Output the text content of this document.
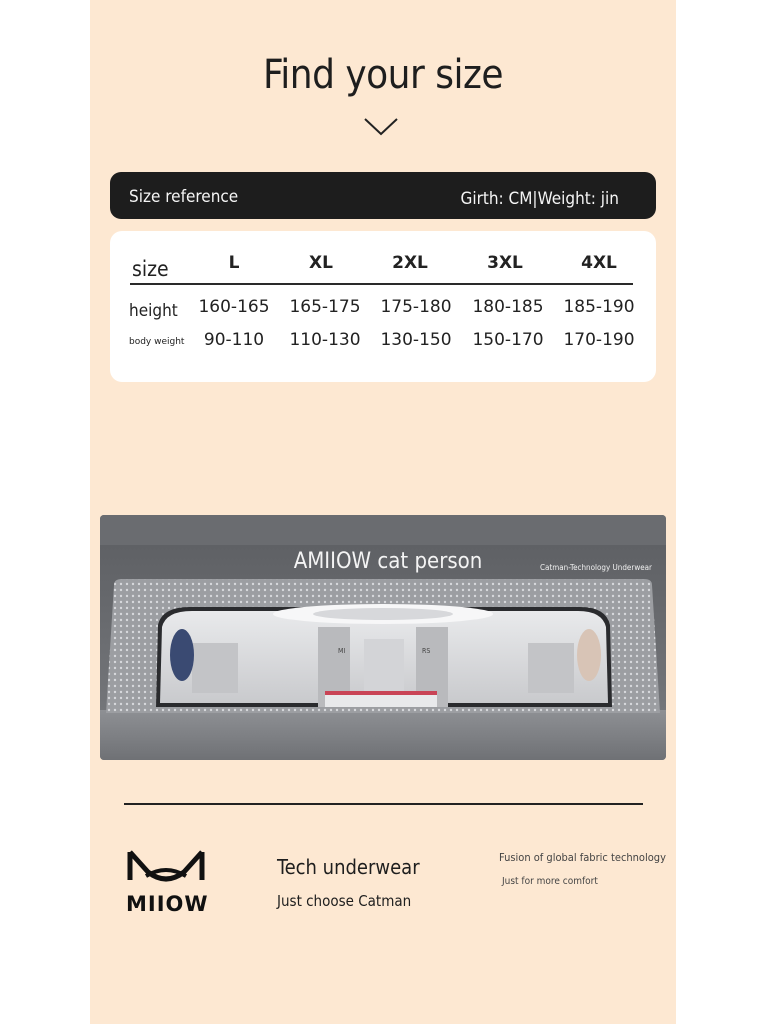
Find your size
Size reference	Girth: CM|Weight: jin
size	L	XL	2XL	3XL	4XL
height	160-165	165-175	175-180	180-185	185-190
body weight	90-110	110-130	130-150	150-170	170-190
AMIIOW cat person	Catman-Technology Underwear
MI	RS
MIIOW
Tech underwear
Just choose Catman
Fusion of global fabric technology
Just for more comfort
